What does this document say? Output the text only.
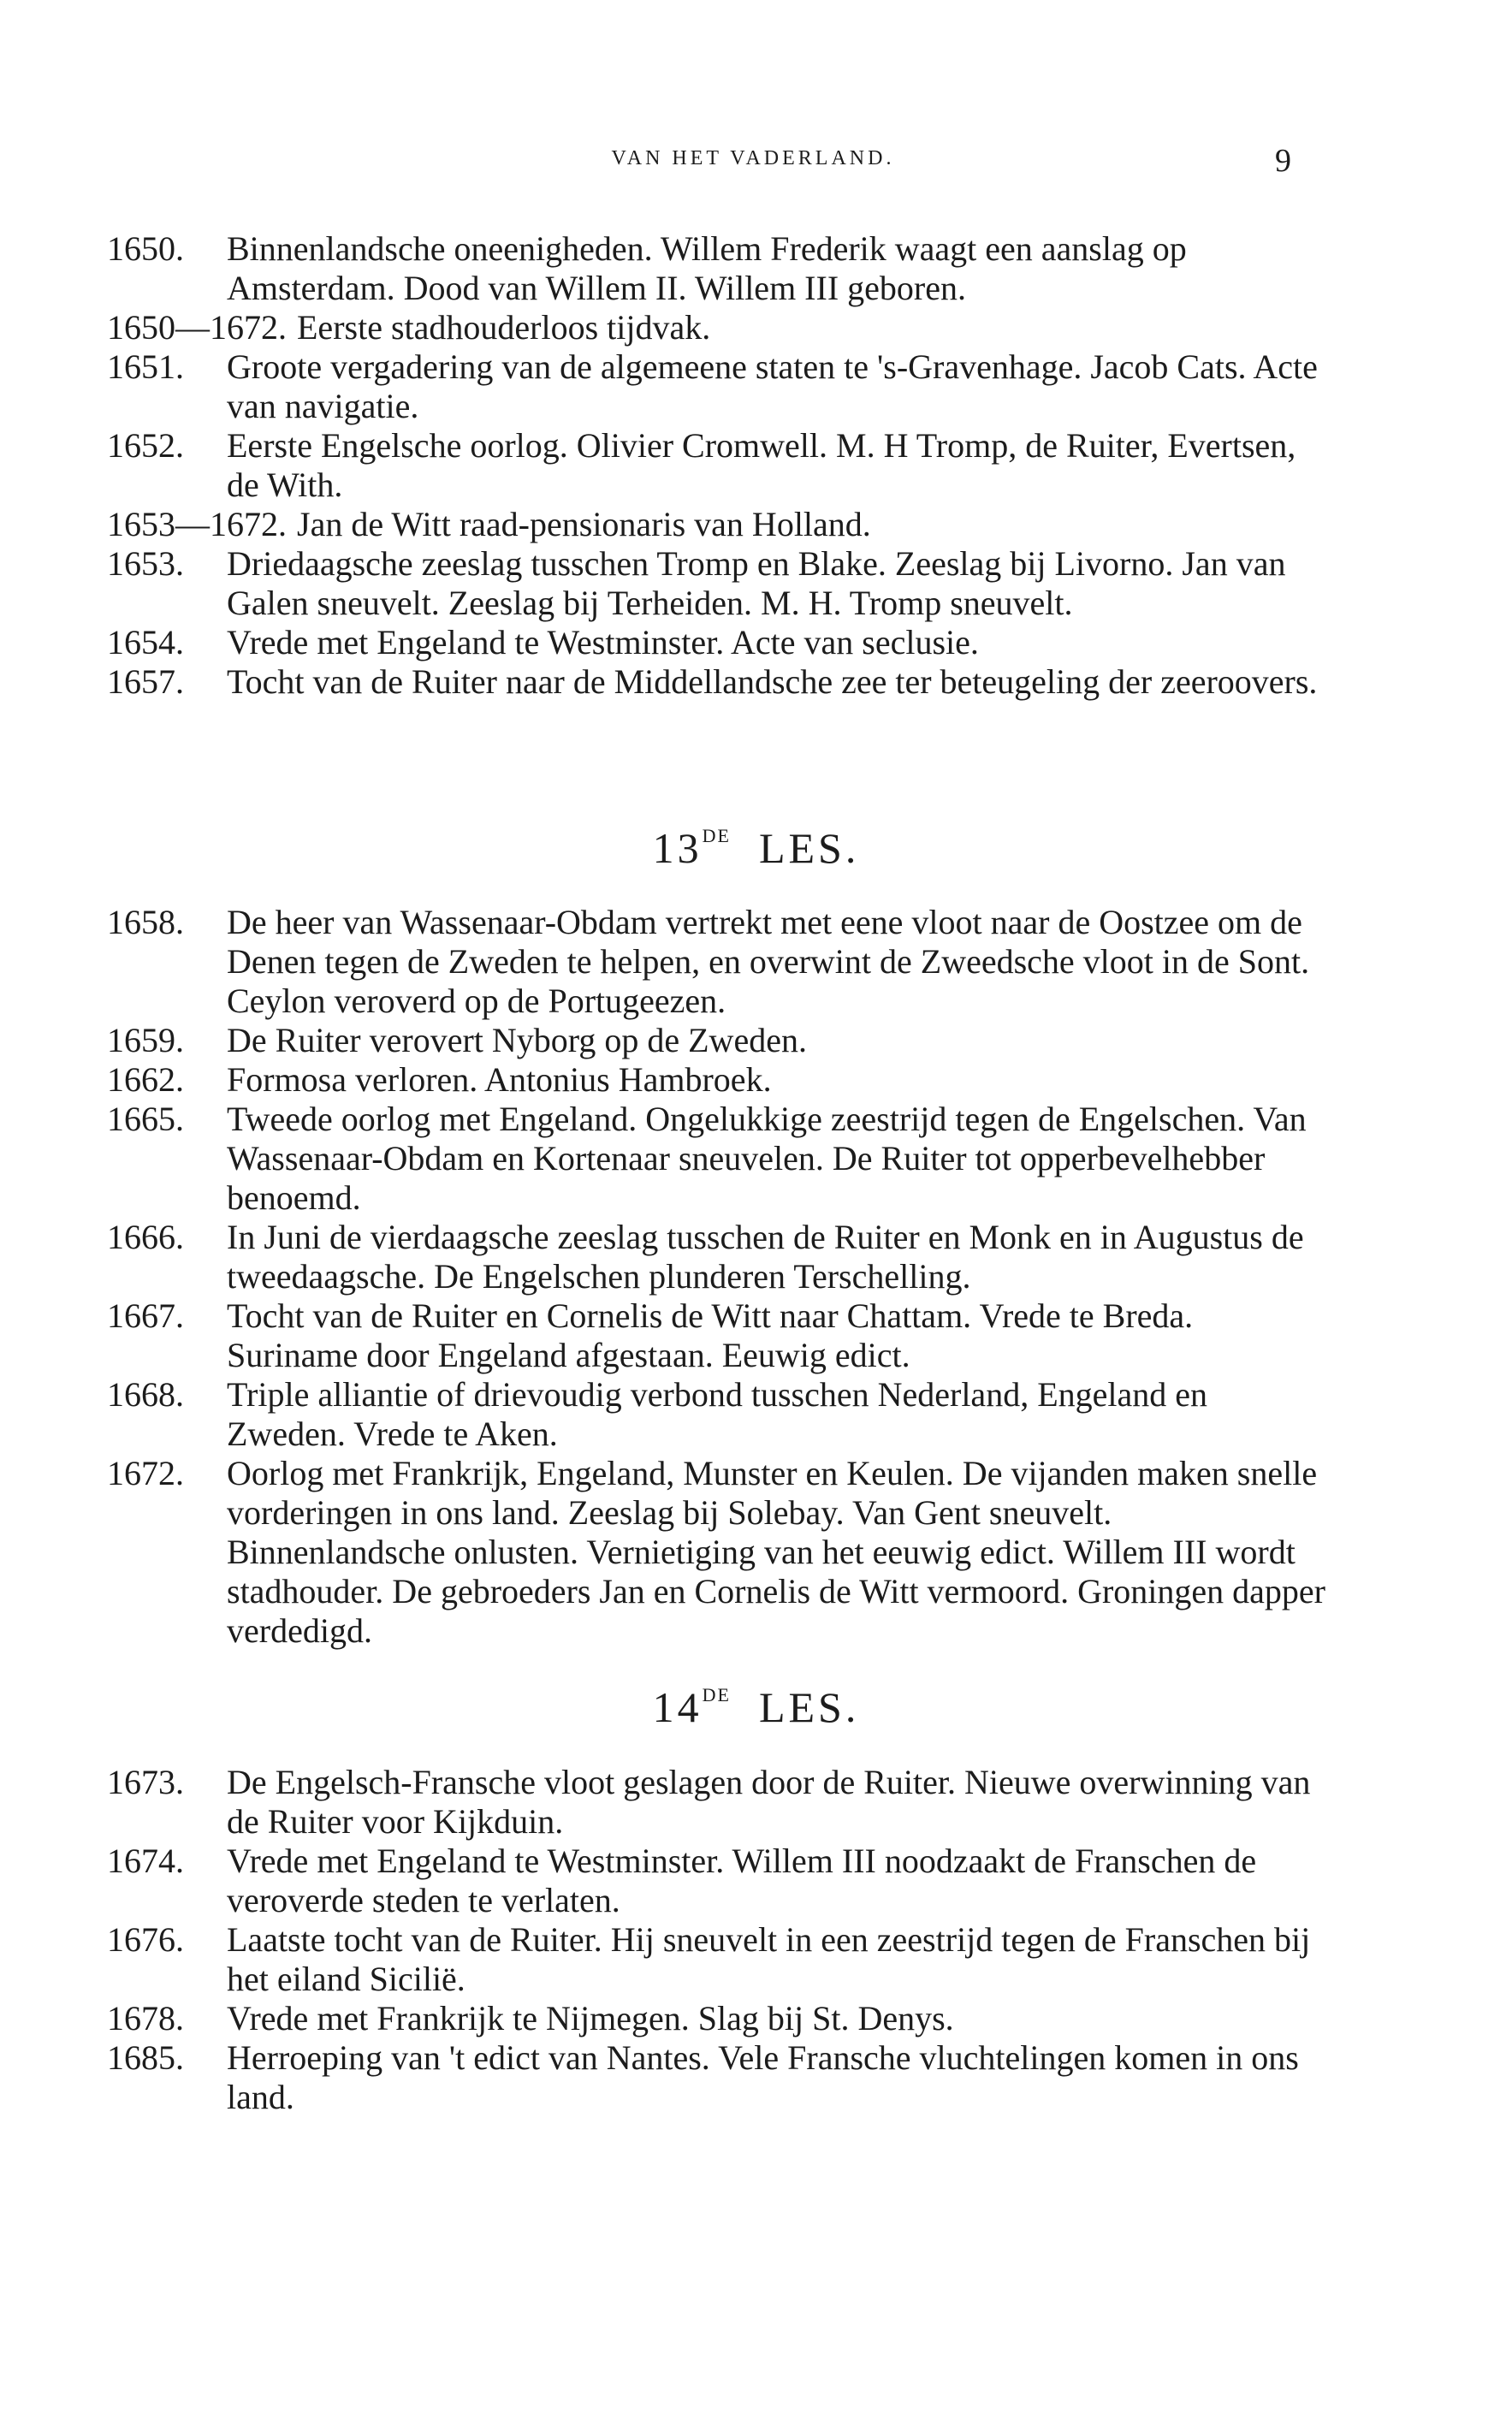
VAN HET VADERLAND.	9

1650. Binnenlandsche oneenigheden. Willem Frederik waagt een aanslag op Amsterdam. Dood van Willem II. Willem III geboren.

1650—1672. Eerste stadhouderloos tijdvak.

1651. Groote vergadering van de algemeene staten te 's-Gravenhage. Jacob Cats. Acte van navigatie.

1652. Eerste Engelsche oorlog. Olivier Cromwell. M. H Tromp, de Ruiter, Evertsen, de With.

1653—1672. Jan de Witt raad-pensionaris van Holland.

1653. Driedaagsche zeeslag tusschen Tromp en Blake. Zeeslag bij Livorno. Jan van Galen sneuvelt. Zeeslag bij Terheiden. M. H. Tromp sneuvelt.

1654. Vrede met Engeland te Westminster. Acte van seclusie.

1657. Tocht van de Ruiter naar de Middellandsche zee ter beteugeling der zeeroovers.

13DE LES.

1658. De heer van Wassenaar-Obdam vertrekt met eene vloot naar de Oostzee om de Denen tegen de Zweden te helpen, en overwint de Zweedsche vloot in de Sont. Ceylon veroverd op de Portugeezen.

1659. De Ruiter verovert Nyborg op de Zweden.

1662. Formosa verloren. Antonius Hambroek.

1665. Tweede oorlog met Engeland. Ongelukkige zeestrijd tegen de Engelschen. Van Wassenaar-Obdam en Kortenaar sneuvelen. De Ruiter tot opperbevelhebber benoemd.

1666. In Juni de vierdaagsche zeeslag tusschen de Ruiter en Monk en in Augustus de tweedaagsche. De Engelschen plunderen Terschelling.

1667. Tocht van de Ruiter en Cornelis de Witt naar Chattam. Vrede te Breda. Suriname door Engeland afgestaan. Eeuwig edict.

1668. Triple alliantie of drievoudig verbond tusschen Nederland, Engeland en Zweden. Vrede te Aken.

1672. Oorlog met Frankrijk, Engeland, Munster en Keulen. De vijanden maken snelle vorderingen in ons land. Zeeslag bij Solebay. Van Gent sneuvelt. Binnenlandsche onlusten. Vernietiging van het eeuwig edict. Willem III wordt stadhouder. De gebroeders Jan en Cornelis de Witt vermoord. Groningen dapper verdedigd.

14DE LES.

1673. De Engelsch-Fransche vloot geslagen door de Ruiter. Nieuwe overwinning van de Ruiter voor Kijkduin.

1674. Vrede met Engeland te Westminster. Willem III noodzaakt de Franschen de veroverde steden te verlaten.

1676. Laatste tocht van de Ruiter. Hij sneuvelt in een zeestrijd tegen de Franschen bij het eiland Sicilië.

1678. Vrede met Frankrijk te Nijmegen. Slag bij St. Denys.

1685. Herroeping van 't edict van Nantes. Vele Fransche vluchtelingen komen in ons land.
